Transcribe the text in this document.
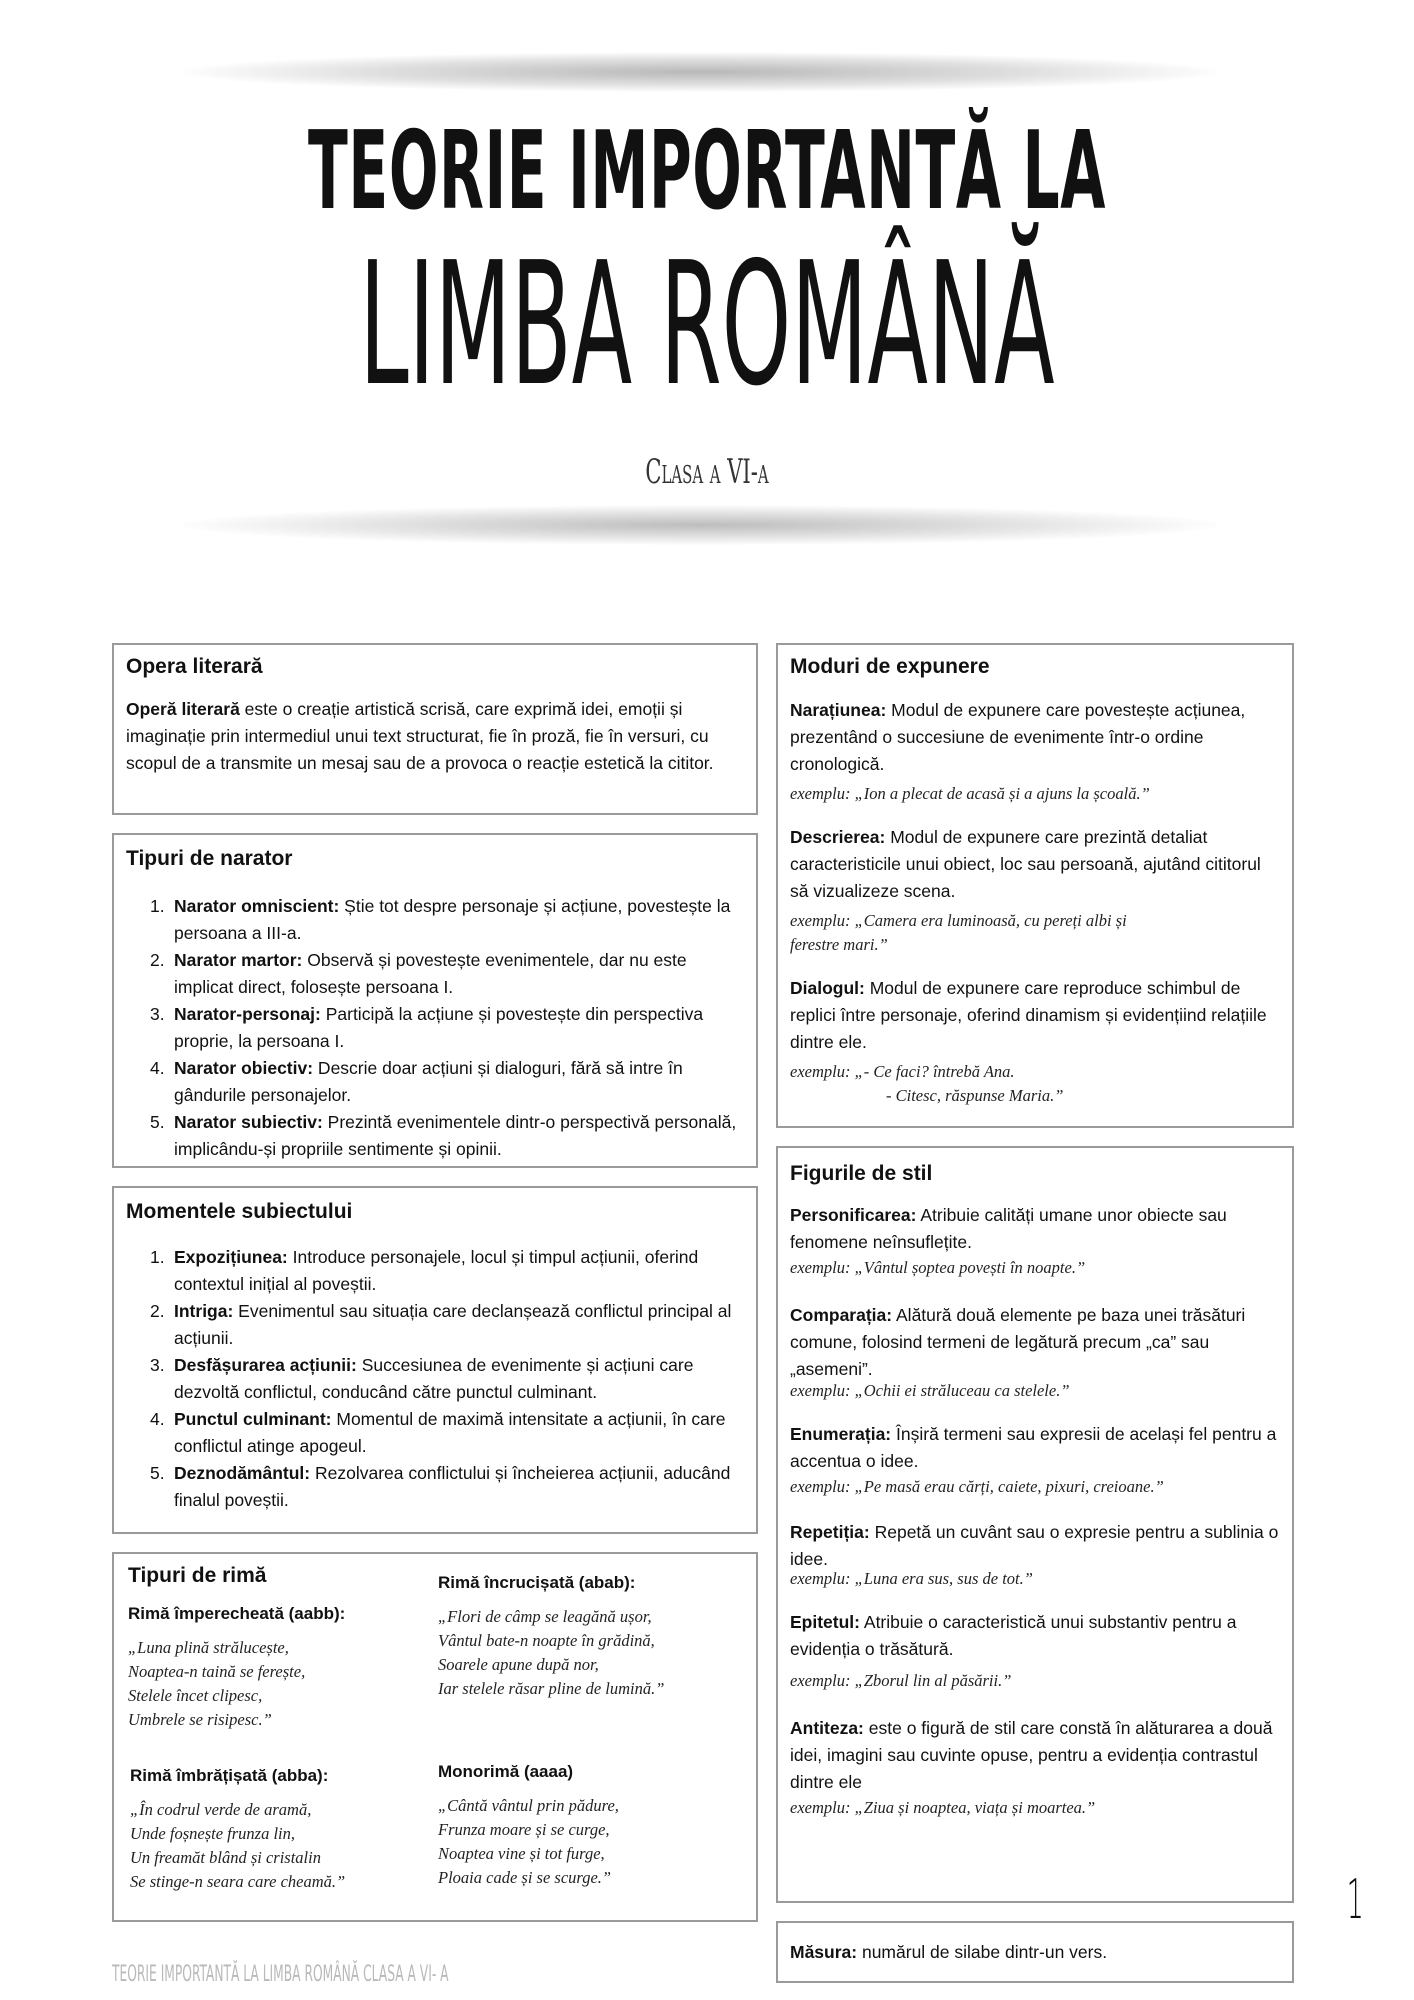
TEORIE IMPORTANTĂ LA
LIMBA ROMÂNĂ
Clasa a VI-a
Opera literară
Operă literară este o creație artistică scrisă, care exprimă idei, emoții și imaginație prin intermediul unui text structurat, fie în proză, fie în versuri, cu scopul de a transmite un mesaj sau de a provoca o reacție estetică la cititor.
Tipuri de narator
1. Narator omniscient: Știe tot despre personaje și acțiune, povestește la persoana a III-a.
2. Narator martor: Observă și povestește evenimentele, dar nu este implicat direct, folosește persoana I.
3. Narator-personaj: Participă la acțiune și povestește din perspectiva proprie, la persoana I.
4. Narator obiectiv: Descrie doar acțiuni și dialoguri, fără să intre în gândurile personajelor.
5. Narator subiectiv: Prezintă evenimentele dintr-o perspectivă personală, implicându-și propriile sentimente și opinii.
Momentele subiectului
1. Expozițiunea: Introduce personajele, locul și timpul acțiunii, oferind contextul inițial al poveștii.
2. Intriga: Evenimentul sau situația care declanșează conflictul principal al acțiunii.
3. Desfășurarea acțiunii: Succesiunea de evenimente și acțiuni care dezvoltă conflictul, conducând către punctul culminant.
4. Punctul culminant: Momentul de maximă intensitate a acțiunii, în care conflictul atinge apogeul.
5. Deznodământul: Rezolvarea conflictului și încheierea acțiunii, aducând finalul poveștii.
Tipuri de rimă
Rimă împerecheată (aabb):
„Luna plină strălucește,
Noaptea-n taină se ferește,
Stelele încet clipesc,
Umbrele se risipesc.”
Rimă încrucișată (abab):
„Flori de câmp se leagănă ușor,
Vântul bate-n noapte în grădină,
Soarele apune după nor,
Iar stelele răsar pline de lumină.”
Rimă îmbrățișată (abba):
„În codrul verde de aramă,
Unde foșnește frunza lin,
Un freamăt blând și cristalin
Se stinge-n seara care cheamă.”
Monorimă (aaaa)
„Cântă vântul prin pădure,
Frunza moare și se curge,
Noaptea vine și tot furge,
Ploaia cade și se scurge.”
Moduri de expunere
Narațiunea: Modul de expunere care povestește acțiunea, prezentând o succesiune de evenimente într-o ordine cronologică.
exemplu: „Ion a plecat de acasă și a ajuns la școală.”
Descrierea: Modul de expunere care prezintă detaliat caracteristicile unui obiect, loc sau persoană, ajutând cititorul să vizualizeze scena.
exemplu: „Camera era luminoasă, cu pereți albi și
ferestre mari.”
Dialogul: Modul de expunere care reproduce schimbul de replici între personaje, oferind dinamism și evidențiind relațiile dintre ele.
exemplu: „- Ce faci? întrebă Ana.
- Citesc, răspunse Maria.”
Figurile de stil
Personificarea: Atribuie calități umane unor obiecte sau fenomene neînsuflețite.
exemplu: „Vântul șoptea povești în noapte.”
Comparația: Alătură două elemente pe baza unei trăsături comune, folosind termeni de legătură precum „ca” sau „asemeni”.
exemplu: „Ochii ei străluceau ca stelele.”
Enumerația: Înșiră termeni sau expresii de același fel pentru a accentua o idee.
exemplu: „Pe masă erau cărți, caiete, pixuri, creioane.”
Repetiția: Repetă un cuvânt sau o expresie pentru a sublinia o idee.
exemplu: „Luna era sus, sus de tot.”
Epitetul: Atribuie o caracteristică unui substantiv pentru a evidenția o trăsătură.
exemplu: „Zborul lin al păsării.”
Antiteza: este o figură de stil care constă în alăturarea a două idei, imagini sau cuvinte opuse, pentru a evidenția contrastul dintre ele
exemplu: „Ziua și noaptea, viața și moartea.”
Măsura: numărul de silabe dintr-un vers.
1
TEORIE IMPORTANTĂ LA LIMBA ROMÂNĂ CLASA A VI- A
